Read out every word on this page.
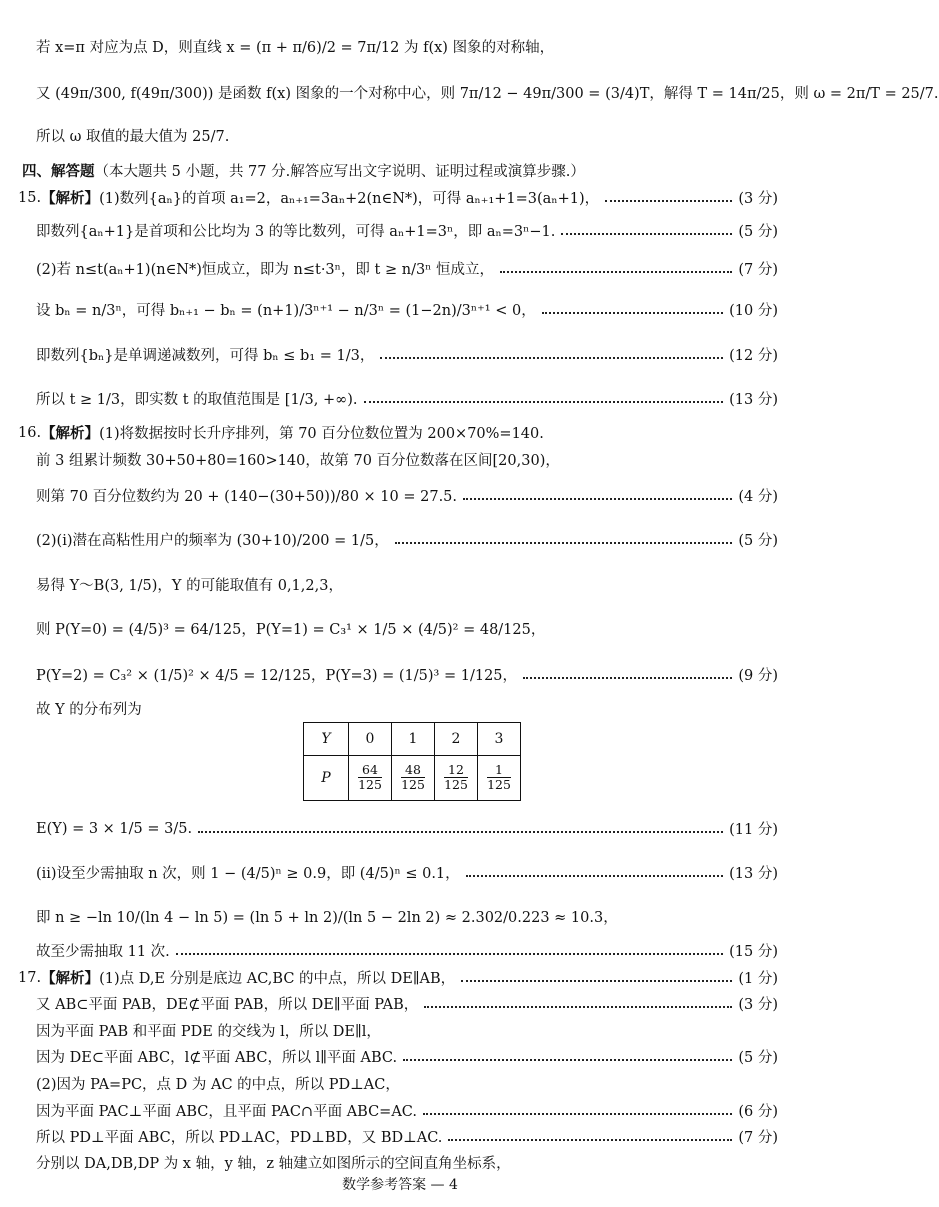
若 x=π 对应为点 D，则直线 x = (π + π/6)/2 = 7π/12 为 f(x) 图象的对称轴，
又 (49π/300, f(49π/300)) 是函数 f(x) 图象的一个对称中心，则 7π/12 − 49π/300 = (3/4)T，解得 T = 14π/25，则 ω = 2π/T = 25/7.
所以 ω 取值的最大值为 25/7.
四、解答题 （本大题共 5 小题，共 77 分.解答应写出文字说明、证明过程或演算步骤.）
15. 【解析】 (1)数列{aₙ}的首项 a₁=2，aₙ₊₁=3aₙ+2(n∈N*)，可得 aₙ₊₁+1=3(aₙ+1)，	(3 分)
即数列{aₙ+1}是首项和公比均为 3 的等比数列，可得 aₙ+1=3ⁿ，即 aₙ=3ⁿ−1.	(5 分)
(2)若 n≤t(aₙ+1)(n∈N*)恒成立，即为 n≤t·3ⁿ，即 t ≥ n/3ⁿ 恒成立，	(7 分)
设 bₙ = n/3ⁿ，可得 bₙ₊₁ − bₙ = (n+1)/3ⁿ⁺¹ − n/3ⁿ = (1−2n)/3ⁿ⁺¹ < 0，	(10 分)
即数列{bₙ}是单调递减数列，可得 bₙ ≤ b₁ = 1/3，	(12 分)
所以 t ≥ 1/3，即实数 t 的取值范围是 [1/3, +∞).	(13 分)
16. 【解析】 (1)将数据按时长升序排列，第 70 百分位数位置为 200×70%=140.
前 3 组累计频数 30+50+80=160>140，故第 70 百分位数落在区间[20,30)，
则第 70 百分位数约为 20 + (140−(30+50))/80 × 10 = 27.5.	(4 分)
(2)(ⅰ)潜在高粘性用户的频率为 (30+10)/200 = 1/5，	(5 分)
易得 Y～B(3, 1/5)，Y 的可能取值有 0,1,2,3，
则 P(Y=0) = (4/5)³ = 64/125，P(Y=1) = C₃¹ × 1/5 × (4/5)² = 48/125，
P(Y=2) = C₃² × (1/5)² × 4/5 = 12/125，P(Y=3) = (1/5)³ = 1/125，	(9 分)
故 Y 的分布列为
Y	0	1	2	3
P	$\frac{64}{125}$	$\frac{48}{125}$	$\frac{12}{125}$	$\frac{1}{125}$
E(Y) = 3 × 1/5 = 3/5.	(11 分)
(ⅱ)设至少需抽取 n 次，则 1 − (4/5)ⁿ ≥ 0.9，即 (4/5)ⁿ ≤ 0.1，	(13 分)
即 n ≥ −ln 10/(ln 4 − ln 5) = (ln 5 + ln 2)/(ln 5 − 2ln 2) ≈ 2.302/0.223 ≈ 10.3，
故至少需抽取 11 次.	(15 分)
17. 【解析】 (1)点 D,E 分别是底边 AC,BC 的中点，所以 DE∥AB，	(1 分)
又 AB⊂平面 PAB，DE⊄平面 PAB，所以 DE∥平面 PAB，	(3 分)
因为平面 PAB 和平面 PDE 的交线为 l，所以 DE∥l，
因为 DE⊂平面 ABC，l⊄平面 ABC，所以 l∥平面 ABC.	(5 分)
(2)因为 PA=PC，点 D 为 AC 的中点，所以 PD⊥AC，
因为平面 PAC⊥平面 ABC，且平面 PAC∩平面 ABC=AC.	(6 分)
所以 PD⊥平面 ABC，所以 PD⊥AC，PD⊥BD，又 BD⊥AC.	(7 分)
分别以 DA,DB,DP 为 x 轴，y 轴，z 轴建立如图所示的空间直角坐标系，
数学参考答案 — 4
